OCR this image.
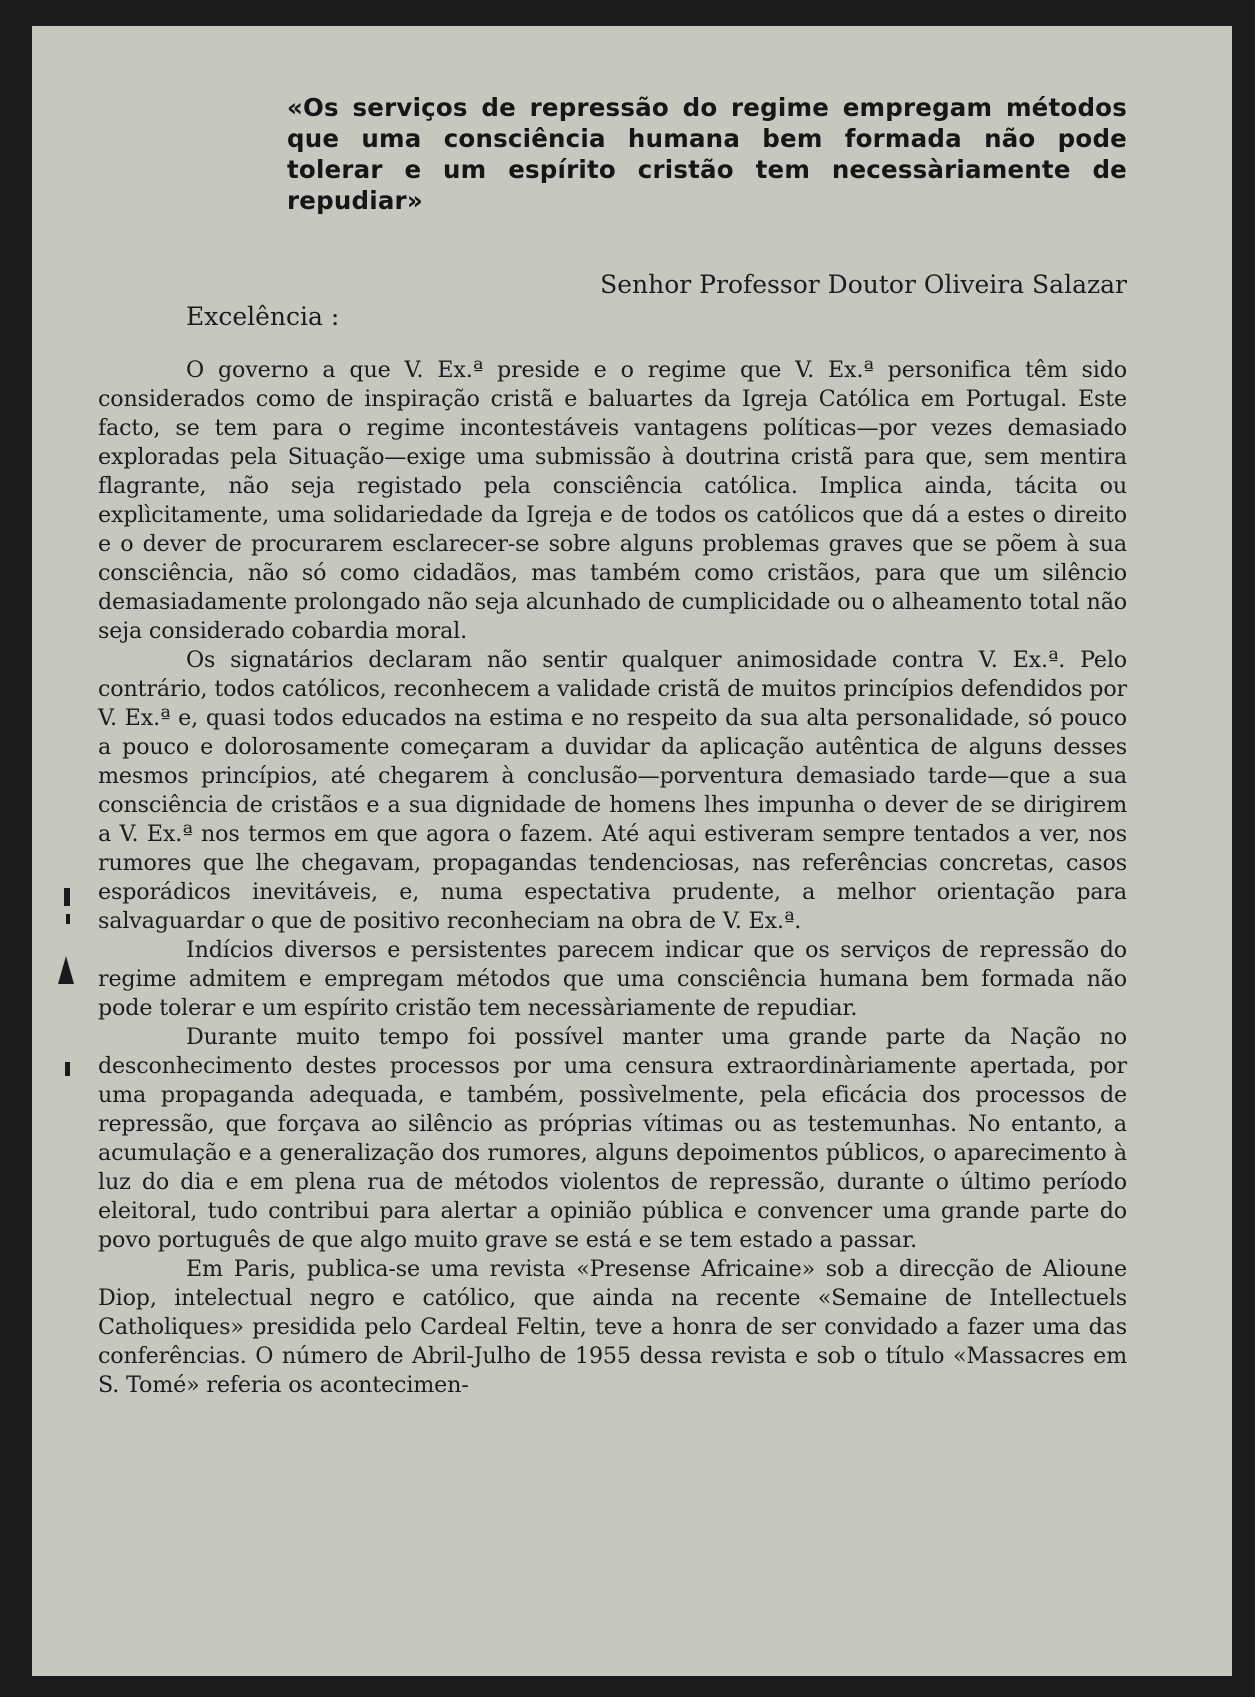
«Os serviços de repressão do regime empregam métodos que uma consciência humana bem formada não pode tolerar e um espírito cristão tem necessàriamente de repudiar»
Senhor Professor Doutor Oliveira Salazar
Excelência :

O governo a que V. Ex.ª preside e o regime que V. Ex.ª personifica têm sido considerados como de inspiração cristã e baluartes da Igreja Católica em Portugal. Este facto, se tem para o regime incontestáveis vantagens políticas—por vezes demasiado exploradas pela Situação—exige uma submissão à doutrina cristã para que, sem mentira flagrante, não seja registado pela consciência católica. Implica ainda, tácita ou explìcitamente, uma solidariedade da Igreja e de todos os católicos que dá a estes o direito e o dever de procurarem esclarecer-se sobre alguns problemas graves que se põem à sua consciência, não só como cidadãos, mas também como cristãos, para que um silêncio demasiadamente prolongado não seja alcunhado de cumplicidade ou o alheamento total não seja considerado cobardia moral.

Os signatários declaram não sentir qualquer animosidade contra V. Ex.ª. Pelo contrário, todos católicos, reconhecem a validade cristã de muitos princípios defendidos por V. Ex.ª e, quasi todos educados na estima e no respeito da sua alta personalidade, só pouco a pouco e dolorosamente começaram a duvidar da aplicação autêntica de alguns desses mesmos princípios, até chegarem à conclusão—porventura demasiado tarde—que a sua consciência de cristãos e a sua dignidade de homens lhes impunha o dever de se dirigirem a V. Ex.ª nos termos em que agora o fazem. Até aqui estiveram sempre tentados a ver, nos rumores que lhe chegavam, propagandas tendenciosas, nas referências concretas, casos esporádicos inevitáveis, e, numa espectativa prudente, a melhor orientação para salvaguardar o que de positivo reconheciam na obra de V. Ex.ª.

Indícios diversos e persistentes parecem indicar que os serviços de repressão do regime admitem e empregam métodos que uma consciência humana bem formada não pode tolerar e um espírito cristão tem necessàriamente de repudiar.

Durante muito tempo foi possível manter uma grande parte da Nação no desconhecimento destes processos por uma censura extraordinàriamente apertada, por uma propaganda adequada, e também, possìvelmente, pela eficácia dos processos de repressão, que forçava ao silêncio as próprias vítimas ou as testemunhas. No entanto, a acumulação e a generalização dos rumores, alguns depoimentos públicos, o aparecimento à luz do dia e em plena rua de métodos violentos de repressão, durante o último período eleitoral, tudo contribui para alertar a opinião pública e convencer uma grande parte do povo português de que algo muito grave se está e se tem estado a passar.

Em Paris, publica-se uma revista «Presense Africaine» sob a direcção de Alioune Diop, intelectual negro e católico, que ainda na recente «Semaine de Intellectuels Catholiques» presidida pelo Cardeal Feltin, teve a honra de ser convidado a fazer uma das conferências. O número de Abril-Julho de 1955 dessa revista e sob o título «Massacres em S. Tomé» referia os acontecimen-
